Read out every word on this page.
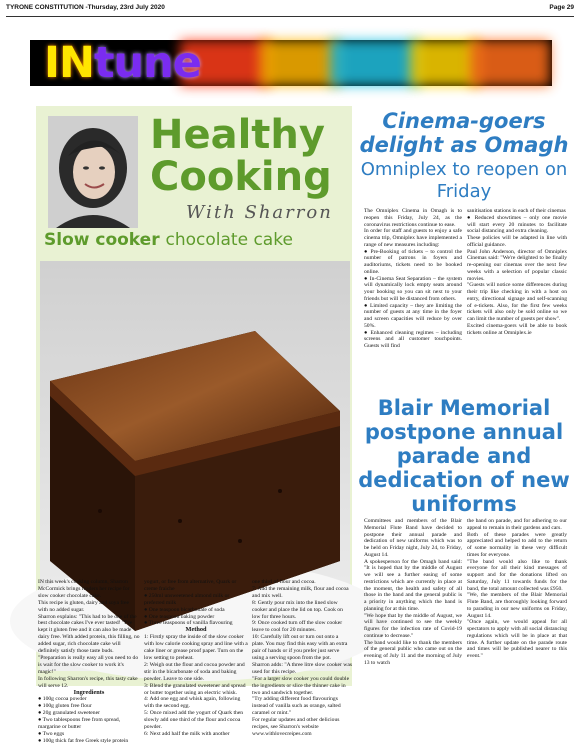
TYRONE CONSTITUTION -Thursday, 23rd July 2020	Page 29
INtune
Healthy
Cooking
With Sharron
Slow cooker chocolate cake

IN this week's cooking column, Sharron McCormick brings readers her recipe for slow cooker chocolate cake.

This recipe is gluten, dairy and soya free with no added sugar.

Sharron explains: "This had to be one of the best chocolate cakes I've ever tasted! "I've kept it gluten free and it can also be made dairy free. With added protein, this filling, no added sugar, rich chocolate cake will definitely satisfy those taste buds.

"Preparation is really easy all you need to do is wait for the slow cooker to work it's magic!"

In following Sharron's recipe, this tasty cake will serve 12.

Ingredients

● 100g cocoa powder

● 100g gluten free flour

● 20g granulated sweetener

● Two tablespoons free from spread, margarine or butter

● Two eggs

● 100g thick fat free Greek style protein

yogurt, or free from alternative, Quark or creme fraiche

● 250ml unsweetened almond milk or preferred milk

● One teaspoon bicarbonate of soda

● One teaspoon baking powder

● Three teaspoons of vanilla flavouring

Method

1: Firstly spray the inside of the slow cooker with low calorie cooking spray and line with a cake liner or grease proof paper. Turn on the low setting to preheat.

2: Weigh out the flour and cocoa powder and stir in the bicarbonate of soda and baking powder. Leave to one side.

3: Blend the granulated sweetener and spread or butter together using an electric whisk.

4: Add one egg and whisk again, following with the second egg.

5: Once mixed add the yogurt of Quark then slowly add one third of the flour and cocoa powder.

6: Next add half the milk with another

one third of flour and cocoa.

7: Add the remaining milk, flour and cocoa and mix well.

8: Gently pour mix into the lined slow cooker and place the lid on top. Cook on low for three hours.

9: Once cooked turn off the slow cooker leave to cool for 20 minutes.

10: Carefully lift out or turn out onto a plate. You may find this easy with an extra pair of hands or if you prefer just serve using a serving spoon from the pot.

Sharron adds: "A three litre slow cooker was used for this recipe.

"For a larger slow cooker you could double the ingredients or slice the thinner cake in two and sandwich together.

"Try adding different food flavourings instead of vanilla such as orange, salted caramel or mint."

For regular updates and other delicious recipes, see Sharron's website www.withlovecreipes.com

Cinema-goers delight as Omagh
Omniplex to reopen on Friday

The Omniplex Cinema in Omagh is to reopen this Friday, July 24, as the coronavirus restrictions continue to ease.

In order for staff and guests to enjoy a safe cinema trip, Omniplex have implemented a range of new measures including:

● Pre-Booking of tickets – to control the number of patrons in foyers and auditoriums, tickets need to be booked online.

● In-Cinema Seat Separation – the system will dynamically lock empty seats around your booking so you can sit next to your friends but will be distanced from others.

● Limited capacity – they are limiting the number of guests at any time in the foyer and screen capacities will reduce by over 50%.

● Enhanced cleaning regimes – including screens and all customer touchpoints. Guests will find

sanitisation stations in each of their cinemas

● Reduced showtimes – only one movie will start every 20 minutes to facilitate social distancing and extra cleaning.

These policies will be adapted in line with official guidance.

Paul John Anderson, director of Omniplex Cinemas said: "We're delighted to be finally re-opening our cinemas over the next few weeks with a selection of popular classic movies.

"Guests will notice some differences during their trip like checking in with a host on entry, directional signage and self-scanning of e-tickets. Also, for the first few weeks tickets will also only be sold online so we can limit the number of guests per show".

Excited cinema-goers will be able to book tickets online at Omniplex.ie

Blair Memorial postpone annual parade and dedication of new uniforms

Committees and members of the Blair Memorial Flute Band have decided to postpone their annual parade and dedication of new uniforms which was to be held on Friday night, July 24, to Friday, August 14.

A spokesperson for the Omagh band said: "It is hoped that by the middle of August we will see a further easing of some restrictions which are currently in place at the moment, the health and safety of all those in the band and the general public is a priority in anything which the band is planning for at this time.

"We hope that by the middle of August, we will have continued to see the weekly figures for the infection rate of Covid-19 continue to decrease."

The band would like to thank the members of the general public who came out on the evening of July 11 and the morning of July 13 to watch

the band on parade, and for adhering to our appeal to remain in their gardens and cars.

Both of these parades were greatly appreciated and helped to add to the return of some normality in these very difficult times for everyone.

"The band would also like to thank everyone for all their kind messages of support and for the donations lifted on Saturday, July 11 towards funds for the band, the total amount collected was £950.

"We, the members of the Blair Memorial Flute Band, are thoroughly looking forward to parading in our new uniforms on Friday, August 14.

"Once again, we would appeal for all spectators to apply with all social distancing regulations which will be in place at that time. A further update on the parade route and times will be published nearer to this event."
